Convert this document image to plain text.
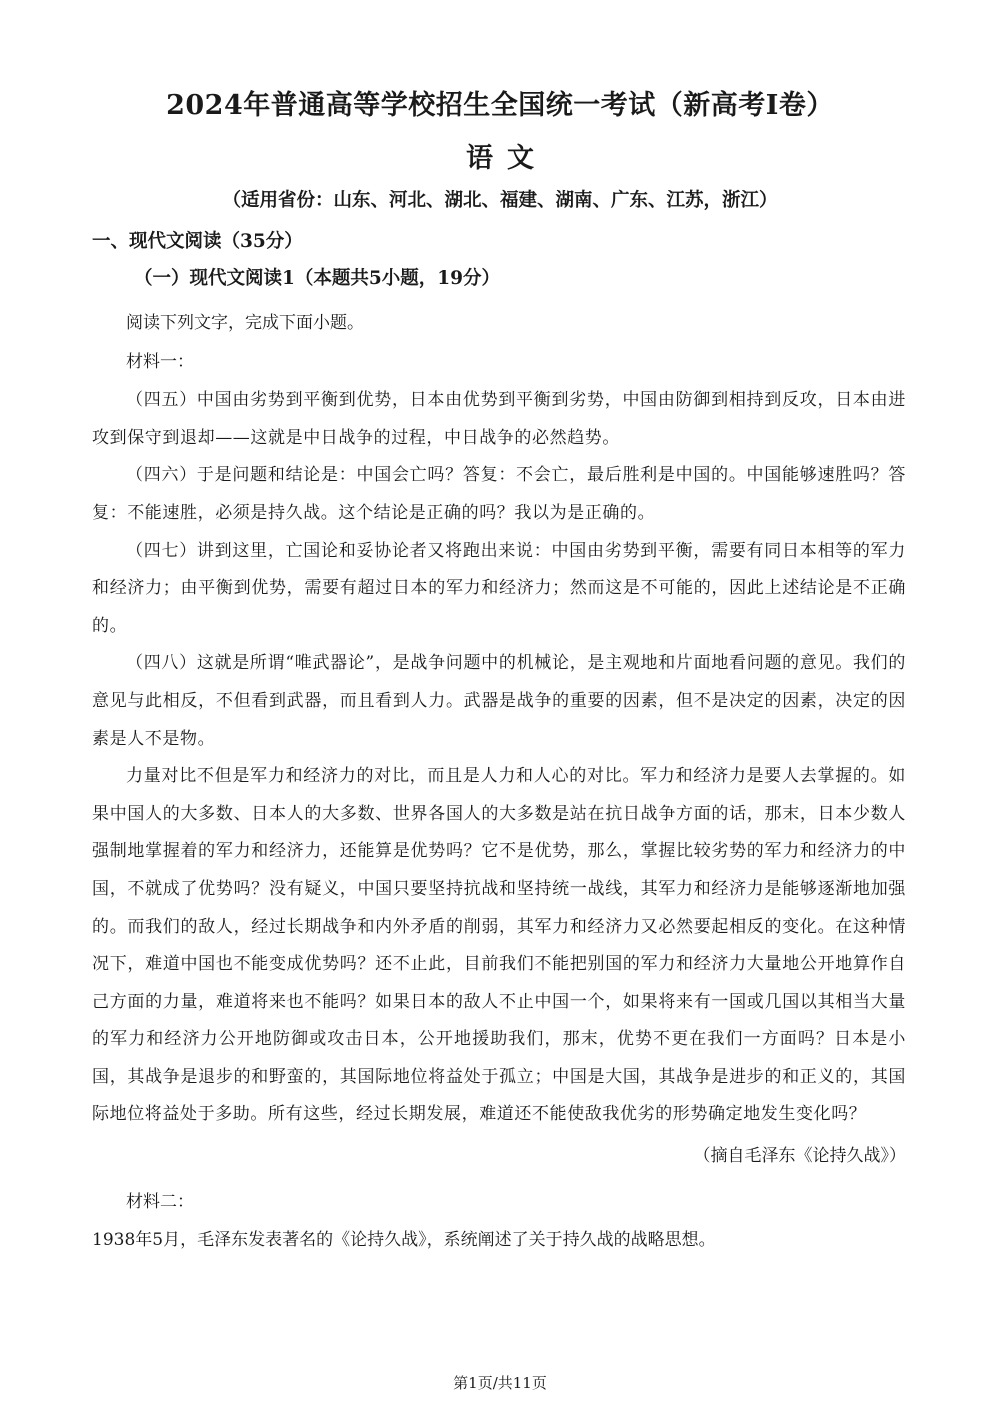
2024年普通高等学校招生全国统一考试（新高考Ⅰ卷）
语文
（适用省份：山东、河北、湖北、福建、湖南、广东、江苏，浙江）
一、现代文阅读（35分）
（一）现代文阅读1（本题共5小题，19分）

阅读下列文字，完成下面小题。

材料一：

（四五）中国由劣势到平衡到优势，日本由优势到平衡到劣势，中国由防御到相持到反攻，日本由进攻到保守到退却——这就是中日战争的过程，中日战争的必然趋势。

（四六）于是问题和结论是：中国会亡吗？答复：不会亡，最后胜利是中国的。中国能够速胜吗？答复：不能速胜，必须是持久战。这个结论是正确的吗？我以为是正确的。

（四七）讲到这里，亡国论和妥协论者又将跑出来说：中国由劣势到平衡，需要有同日本相等的军力和经济力；由平衡到优势，需要有超过日本的军力和经济力；然而这是不可能的，因此上述结论是不正确的。

（四八）这就是所谓“唯武器论”，是战争问题中的机械论，是主观地和片面地看问题的意见。我们的意见与此相反，不但看到武器，而且看到人力。武器是战争的重要的因素，但不是决定的因素，决定的因素是人不是物。

力量对比不但是军力和经济力的对比，而且是人力和人心的对比。军力和经济力是要人去掌握的。如果中国人的大多数、日本人的大多数、世界各国人的大多数是站在抗日战争方面的话，那末，日本少数人强制地掌握着的军力和经济力，还能算是优势吗？它不是优势，那么，掌握比较劣势的军力和经济力的中国，不就成了优势吗？没有疑义，中国只要坚持抗战和坚持统一战线，其军力和经济力是能够逐渐地加强的。而我们的敌人，经过长期战争和内外矛盾的削弱，其军力和经济力又必然要起相反的变化。在这种情况下，难道中国也不能变成优势吗？还不止此，目前我们不能把别国的军力和经济力大量地公开地算作自己方面的力量，难道将来也不能吗？如果日本的敌人不止中国一个，如果将来有一国或几国以其相当大量的军力和经济力公开地防御或攻击日本，公开地援助我们，那末，优势不更在我们一方面吗？日本是小国，其战争是退步的和野蛮的，其国际地位将益处于孤立；中国是大国，其战争是进步的和正义的，其国际地位将益处于多助。所有这些，经过长期发展，难道还不能使敌我优劣的形势确定地发生变化吗？

（摘自毛泽东《论持久战》）

材料二：

1938年5月，毛泽东发表著名的《论持久战》，系统阐述了关于持久战的战略思想。

第1页/共11页
